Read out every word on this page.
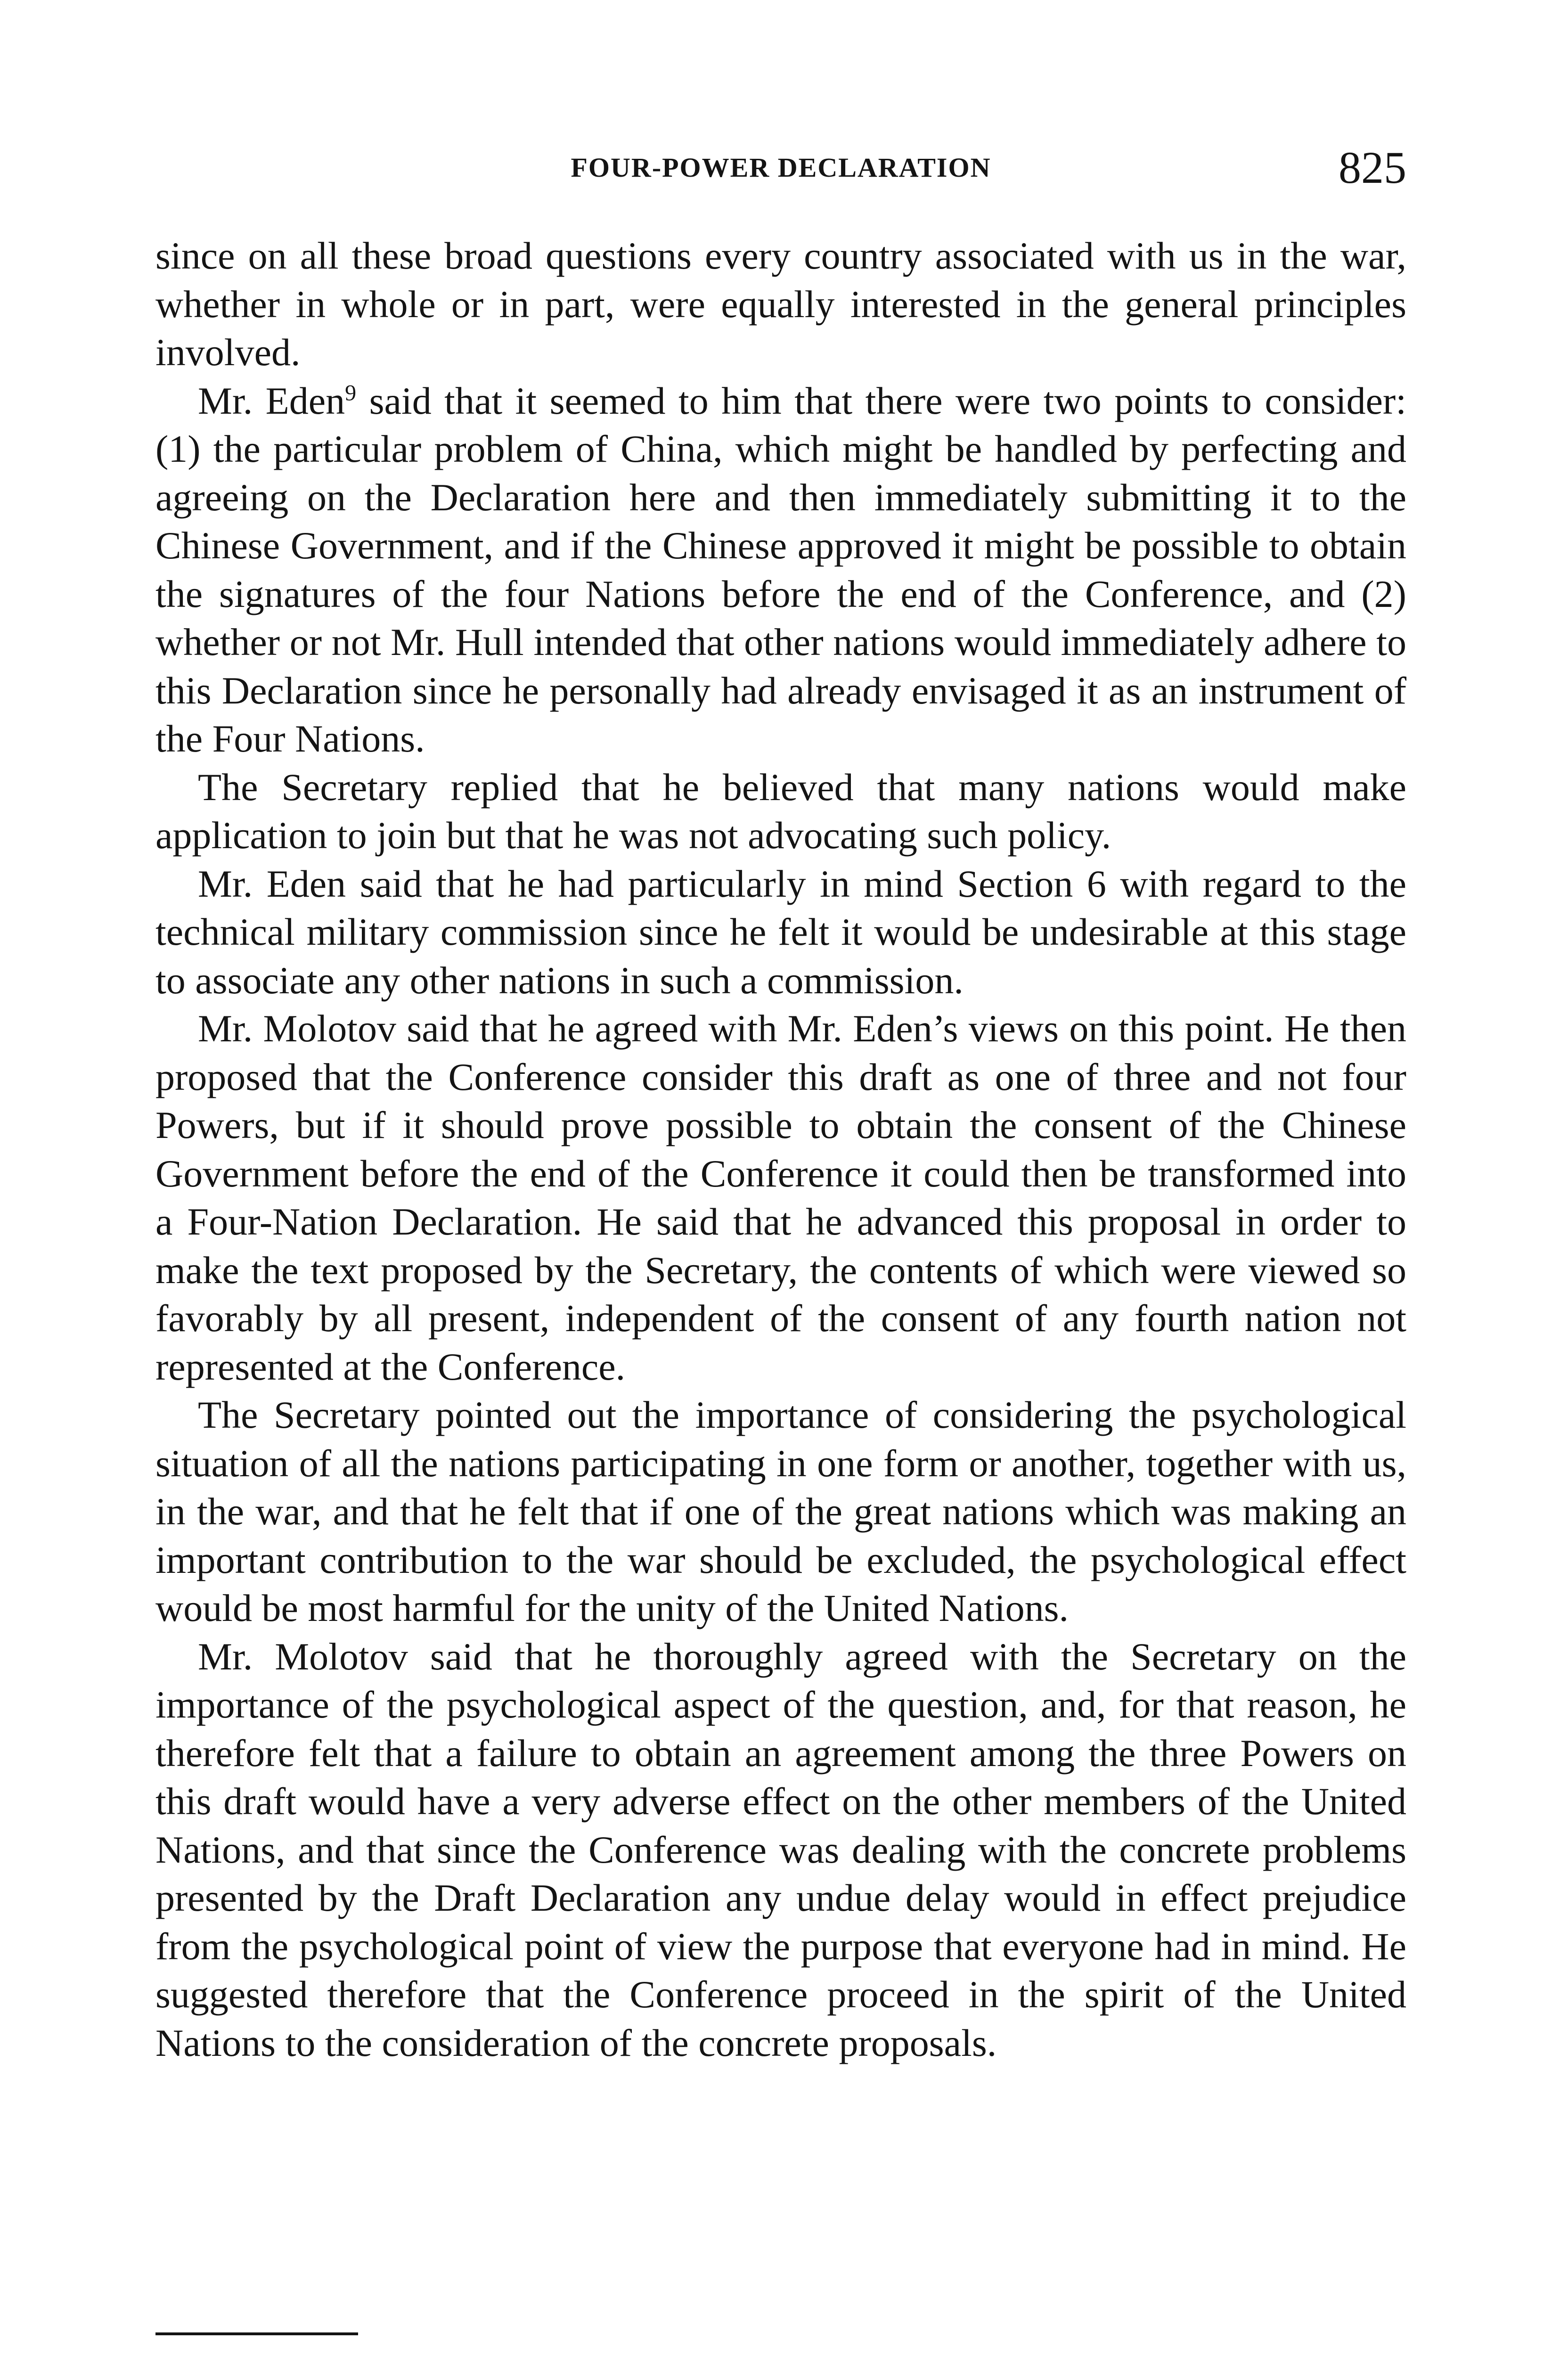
FOUR-POWER DECLARATION	825

since on all these broad questions every country associated with us in the war, whether in whole or in part, were equally interested in the general principles involved.

Mr. Eden$^9$ said that it seemed to him that there were two points to consider: (1) the particular problem of China, which might be handled by perfecting and agreeing on the Declaration here and then immediately submitting it to the Chinese Government, and if the Chinese approved it might be possible to obtain the signatures of the four Nations before the end of the Conference, and (2) whether or not Mr. Hull intended that other nations would immediately adhere to this Declaration since he personally had already envisaged it as an instrument of the Four Nations.

The Secretary replied that he believed that many nations would make application to join but that he was not advocating such policy.

Mr. Eden said that he had particularly in mind Section 6 with regard to the technical military commission since he felt it would be undesirable at this stage to associate any other nations in such a commission.

Mr. Molotov said that he agreed with Mr. Eden’s views on this point. He then proposed that the Conference consider this draft as one of three and not four Powers, but if it should prove possible to obtain the consent of the Chinese Government before the end of the Conference it could then be transformed into a Four-Nation Declaration. He said that he advanced this proposal in order to make the text proposed by the Secretary, the contents of which were viewed so favorably by all present, independent of the consent of any fourth nation not represented at the Conference.

The Secretary pointed out the importance of considering the psychological situation of all the nations participating in one form or another, together with us, in the war, and that he felt that if one of the great nations which was making an important contribution to the war should be excluded, the psychological effect would be most harmful for the unity of the United Nations.

Mr. Molotov said that he thoroughly agreed with the Secretary on the importance of the psychological aspect of the question, and, for that reason, he therefore felt that a failure to obtain an agreement among the three Powers on this draft would have a very adverse effect on the other members of the United Nations, and that since the Conference was dealing with the concrete problems presented by the Draft Declaration any undue delay would in effect prejudice from the psychological point of view the purpose that everyone had in mind. He suggested therefore that the Conference proceed in the spirit of the United Nations to the consideration of the concrete proposals.
